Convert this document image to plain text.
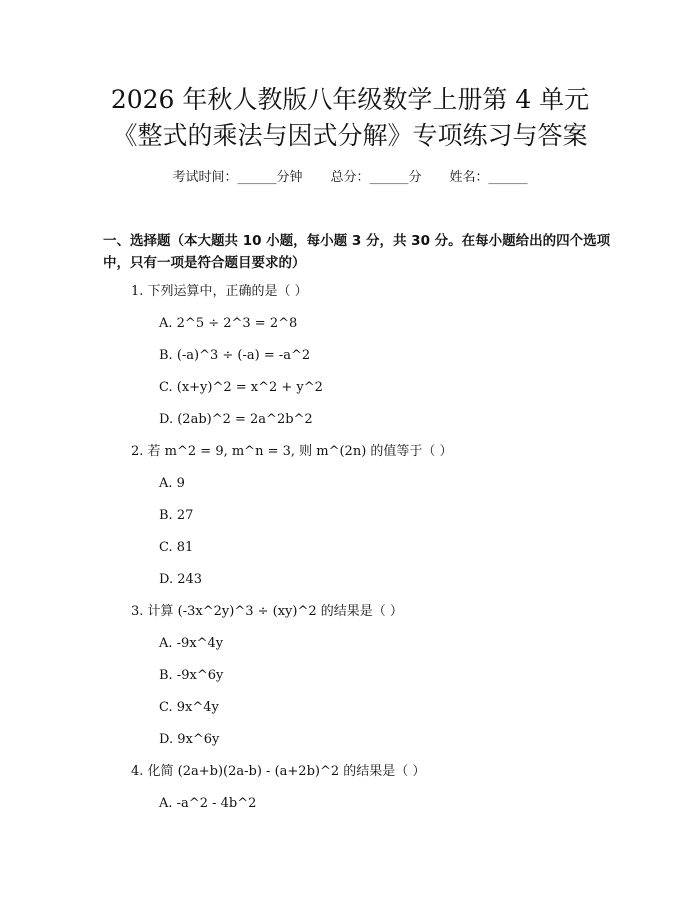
2026 年秋人教版八年级数学上册第 4 单元
《整式的乘法与因式分解》专项练习与答案
考试时间：______分钟 总分：______分 姓名：______
一、选择题（本大题共 10 小题，每小题 3 分，共 30 分。在每小题给出的四个选项中，只有一项是符合题目要求的）
1. 下列运算中，正确的是（ ）
A. 2^5 ÷ 2^3 = 2^8
B. (-a)^3 ÷ (-a) = -a^2
C. (x+y)^2 = x^2 + y^2
D. (2ab)^2 = 2a^2b^2
2. 若 m^2 = 9, m^n = 3, 则 m^(2n) 的值等于（ ）
A. 9
B. 27
C. 81
D. 243
3. 计算 (-3x^2y)^3 ÷ (xy)^2 的结果是（ ）
A. -9x^4y
B. -9x^6y
C. 9x^4y
D. 9x^6y
4. 化简 (2a+b)(2a-b) - (a+2b)^2 的结果是（ ）
A. -a^2 - 4b^2
